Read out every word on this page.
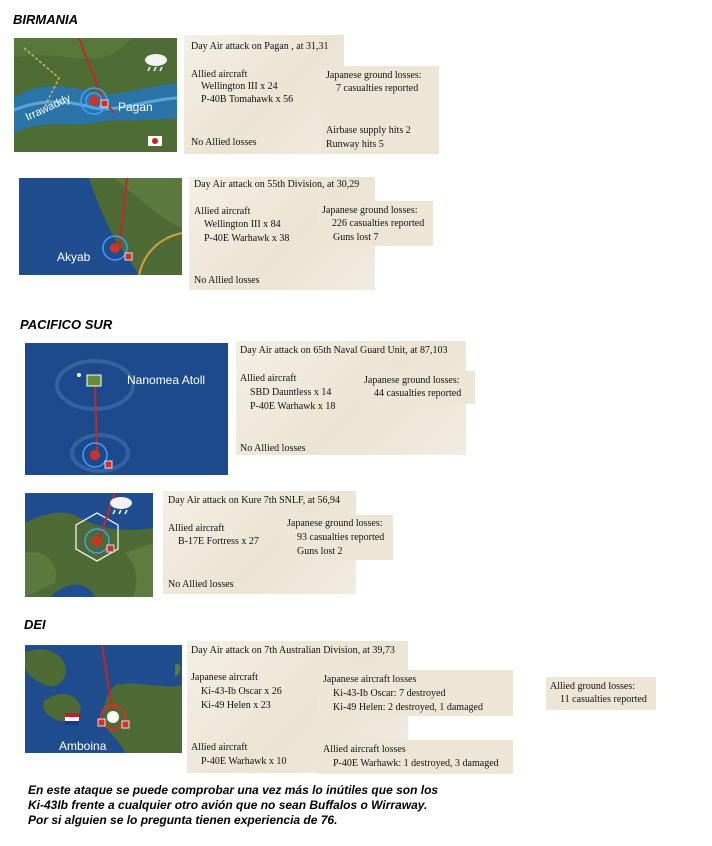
BIRMANIA
Irrawaddy	Pagan
Day Air attack on Pagan , at 31,31
Allied aircraft
Wellington III x 24
P-40B Tomahawk x 56
No Allied losses
Japanese ground losses:
7 casualties reported
Airbase supply hits 2
Runway hits 5
Akyab
Day Air attack on 55th Division, at 30,29
Allied aircraft
Wellington III x 84
P-40E Warhawk x 38
No Allied losses
Japanese ground losses:
226 casualties reported
Guns lost 7
PACIFICO SUR
Nanomea Atoll
Day Air attack on 65th Naval Guard Unit, at 87,103
Allied aircraft
SBD Dauntless x 14
P-40E Warhawk x 18
No Allied losses
Japanese ground losses:
44 casualties reported
Day Air attack on Kure 7th SNLF, at 56,94
Allied aircraft
B-17E Fortress x 27
No Allied losses
Japanese ground losses:
93 casualties reported
Guns lost 2
DEI
Amboina
Day Air attack on 7th Australian Division, at 39,73
Japanese aircraft
Ki-43-Ib Oscar x 26
Ki-49 Helen x 23
Allied aircraft
P-40E Warhawk x 10
Japanese aircraft losses
Ki-43-Ib Oscar: 7 destroyed
Ki-49 Helen: 2 destroyed, 1 damaged
Allied aircraft losses
P-40E Warhawk: 1 destroyed, 3 damaged
Allied ground losses:
11 casualties reported
En este ataque se puede comprobar una vez más lo inútiles que son los
Ki-43Ib frente a cualquier otro avión que no sean Buffalos o Wirraway.
Por si alguien se lo pregunta tienen experiencia de 76.
